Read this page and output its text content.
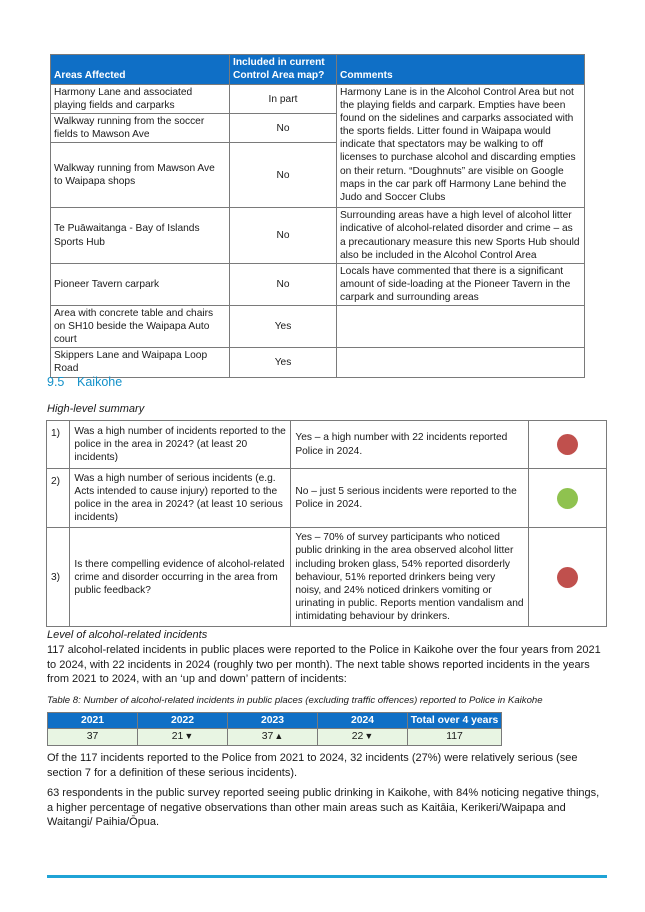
Areas Affected	Included in current Control Area map?	Comments
Harmony Lane and associated playing fields and carparks	In part	Harmony Lane is in the Alcohol Control Area but not the playing fields and carpark. Empties have been found on the sidelines and carparks associated with the sports fields. Litter found in Waipapa would indicate that spectators may be walking to off licenses to purchase alcohol and discarding empties on their return. “Doughnuts” are visible on Google maps in the car park off Harmony Lane behind the Judo and Soccer Clubs
Walkway running from the soccer fields to Mawson Ave	No	
Walkway running from Mawson Ave to Waipapa shops	No	
Te Puāwaitanga - Bay of Islands Sports Hub	No	Surrounding areas have a high level of alcohol litter indicative of alcohol-related disorder and crime – as a precautionary measure this new Sports Hub should also be included in the Alcohol Control Area
Pioneer Tavern carpark	No	Locals have commented that there is a significant amount of side-loading at the Pioneer Tavern in the carpark and surrounding areas
Area with concrete table and chairs on SH10 beside the Waipapa Auto court	Yes	
Skippers Lane and Waipapa Loop Road	Yes	
9.5 Kaikohe

High-level summary

1)	Was a high number of incidents reported to the police in the area in 2024? (at least 20 incidents)	Yes – a high number with 22 incidents reported Police in 2024.	
2)	Was a high number of serious incidents (e.g. Acts intended to cause injury) reported to the police in the area in 2024? (at least 10 serious incidents)	No – just 5 serious incidents were reported to the Police in 2024.	
3)	Is there compelling evidence of alcohol-related crime and disorder occurring in the area from public feedback?	Yes – 70% of survey participants who noticed public drinking in the area observed alcohol litter including broken glass, 54% reported disorderly behaviour, 51% reported drinkers being very noisy, and 24% noticed drinkers vomiting or urinating in public. Reports mention vandalism and intimidating behaviour by drinkers.	

Level of alcohol-related incidents

117 alcohol-related incidents in public places were reported to the Police in Kaikohe over the four years from 2021 to 2024, with 22 incidents in 2024 (roughly two per month). The next table shows reported incidents in the years from 2021 to 2024, with an ‘up and down’ pattern of incidents:

Table 8: Number of alcohol-related incidents in public places (excluding traffic offences) reported to Police in Kaikohe

2021	2022	2023	2024	Total over 4 years
37	21▼	37▲	22▼	117

Of the 117 incidents reported to the Police from 2021 to 2024, 32 incidents (27%) were relatively serious (see section 7 for a definition of these serious incidents).

63 respondents in the public survey reported seeing public drinking in Kaikohe, with 84% noticing negative things, a higher percentage of negative observations than other main areas such as Kaitāia, Kerikeri/Waipapa and Waitangi/ Paihia/Ōpua.
